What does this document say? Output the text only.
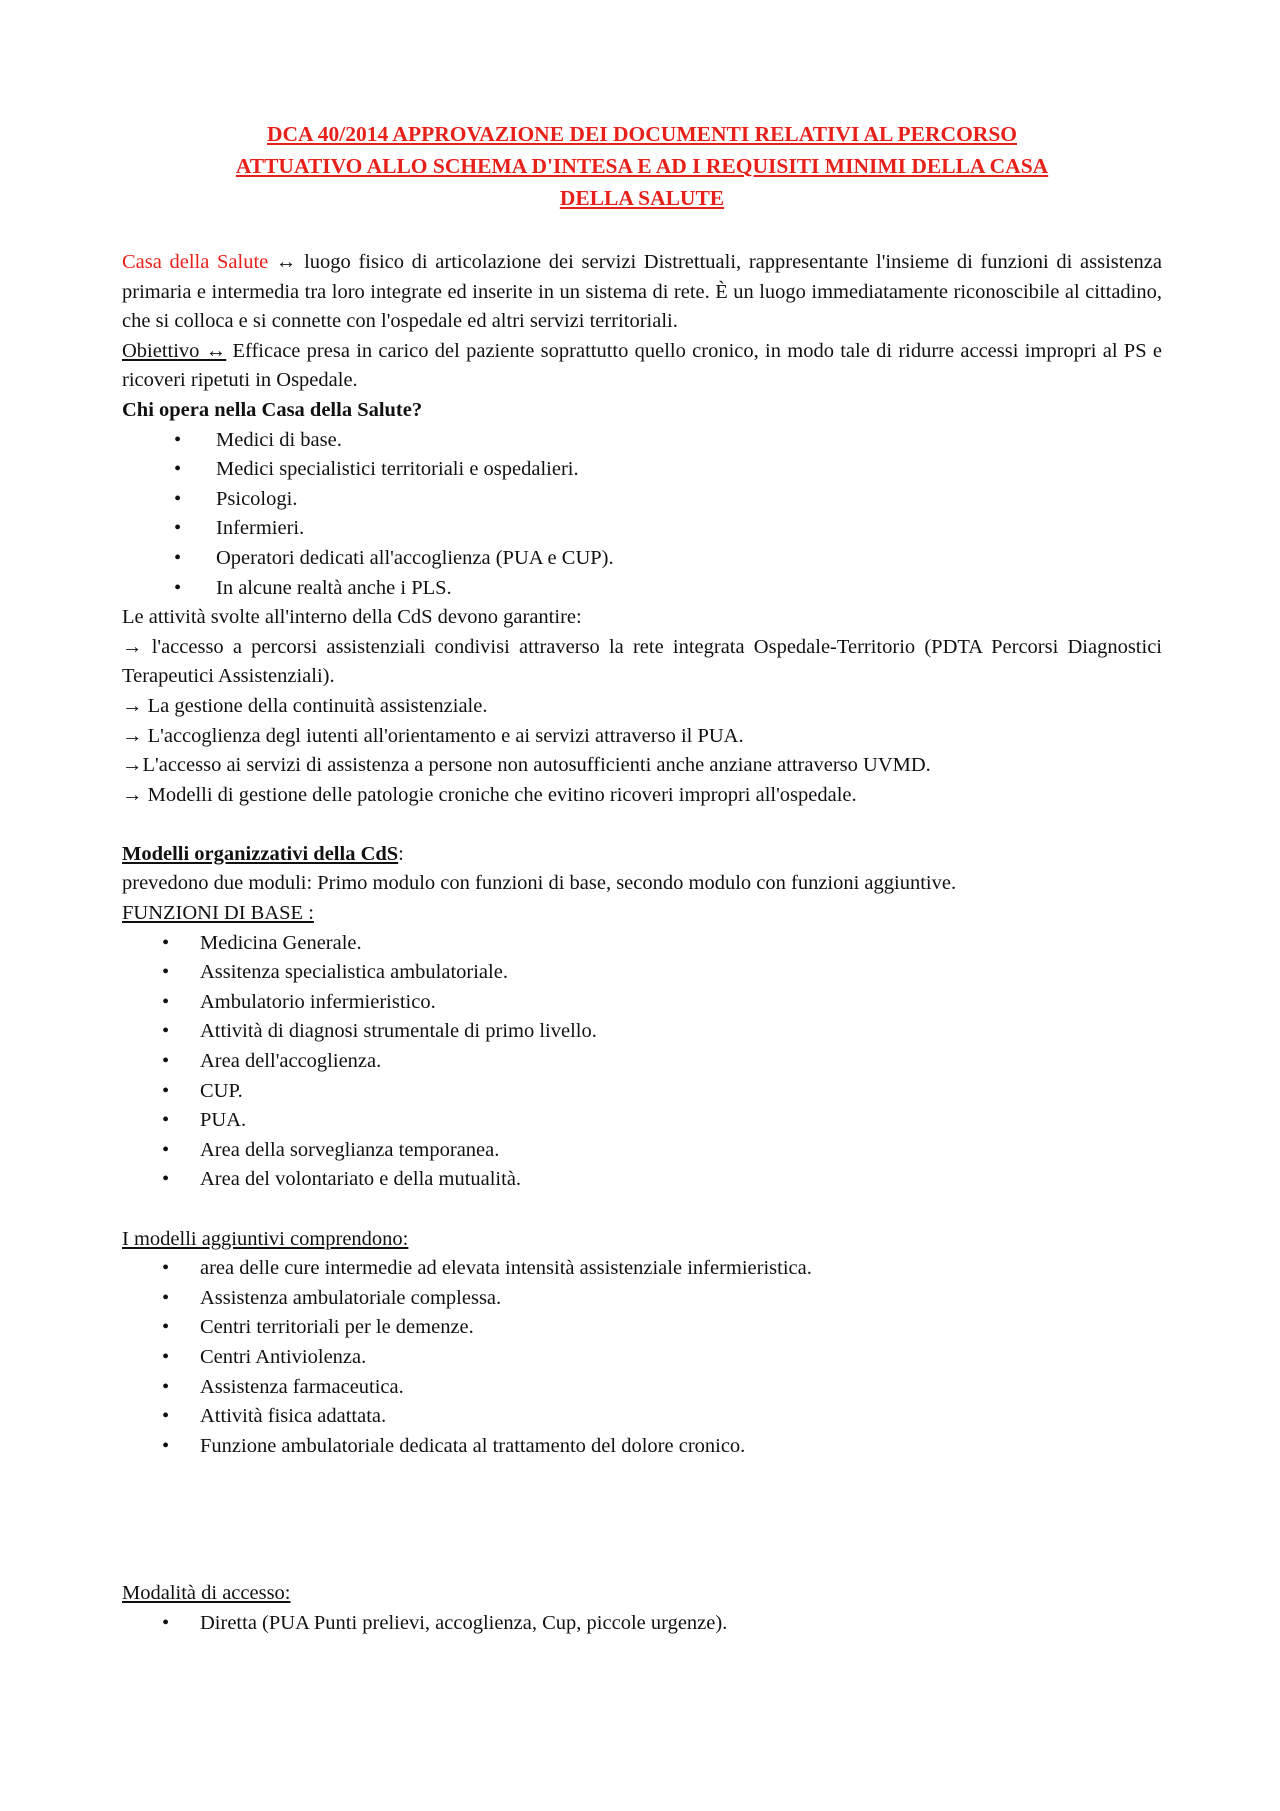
DCA 40/2014 APPROVAZIONE DEI DOCUMENTI RELATIVI AL PERCORSO
ATTUATIVO ALLO SCHEMA D'INTESA E AD I REQUISITI MINIMI DELLA CASA
DELLA SALUTE

Casa della Salute ↔ luogo fisico di articolazione dei servizi Distrettuali, rappresentante l'insieme di funzioni di assistenza primaria e intermedia tra loro integrate ed inserite in un sistema di rete. È un luogo immediatamente riconoscibile al cittadino, che si colloca e si connette con l'ospedale ed altri servizi territoriali.

Obiettivo ↔ Efficace presa in carico del paziente soprattutto quello cronico, in modo tale di ridurre accessi impropri al PS e ricoveri ripetuti in Ospedale.

Chi opera nella Casa della Salute?

• Medici di base.
• Medici specialistici territoriali e ospedalieri.
• Psicologi.
• Infermieri.
• Operatori dedicati all'accoglienza (PUA e CUP).
• In alcune realtà anche i PLS.

Le attività svolte all'interno della CdS devono garantire:

→ l'accesso a percorsi assistenziali condivisi attraverso la rete integrata Ospedale-Territorio (PDTA Percorsi Diagnostici Terapeutici Assistenziali).

→ La gestione della continuità assistenziale.

→ L'accoglienza degl iutenti all'orientamento e ai servizi attraverso il PUA.

→L'accesso ai servizi di assistenza a persone non autosufficienti anche anziane attraverso UVMD.

→ Modelli di gestione delle patologie croniche che evitino ricoveri impropri all'ospedale.

Modelli organizzativi della CdS:

prevedono due moduli: Primo modulo con funzioni di base, secondo modulo con funzioni aggiuntive.

FUNZIONI DI BASE :

• Medicina Generale.
• Assitenza specialistica ambulatoriale.
• Ambulatorio infermieristico.
• Attività di diagnosi strumentale di primo livello.
• Area dell'accoglienza.
• CUP.
• PUA.
• Area della sorveglianza temporanea.
• Area del volontariato e della mutualità.

I modelli aggiuntivi comprendono:

• area delle cure intermedie ad elevata intensità assistenziale infermieristica.
• Assistenza ambulatoriale complessa.
• Centri territoriali per le demenze.
• Centri Antiviolenza.
• Assistenza farmaceutica.
• Attività fisica adattata.
• Funzione ambulatoriale dedicata al trattamento del dolore cronico.

Modalità di accesso:

• Diretta (PUA Punti prelievi, accoglienza, Cup, piccole urgenze).
